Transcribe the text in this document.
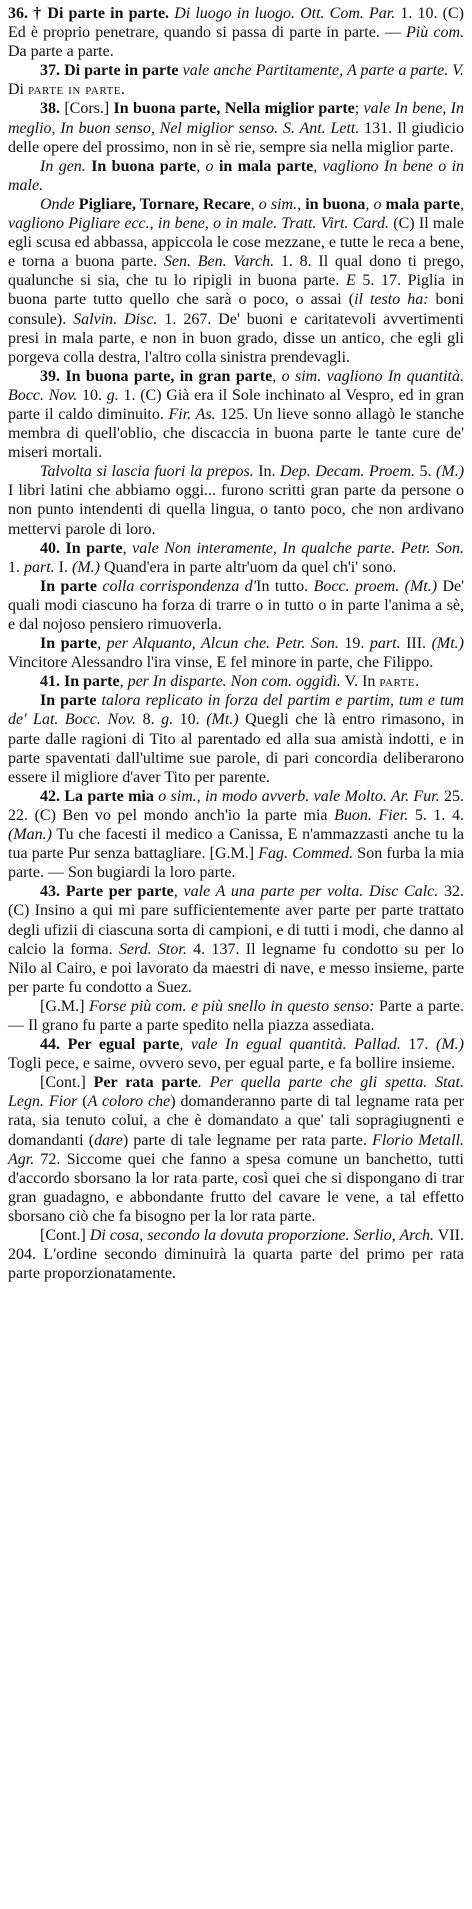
36. † Di parte in parte. Di luogo in luogo. Ott. Com. Par. 1. 10. (C) Ed è proprio penetrare, quando si passa di parte in parte. — Più com. Da parte a parte.

37. Di parte in parte vale anche Partitamente, A parte a parte. V. Di parte in parte.

38. [Cors.] In buona parte, Nella miglior parte; vale In bene, In meglio, In buon senso, Nel miglior senso. S. Ant. Lett. 131. Il giudicio delle opere del prossimo, non in sè rie, sempre sia nella miglior parte.

In gen. In buona parte, o in mala parte, vagliono In bene o in male.

Onde Pigliare, Tornare, Recare, o sim., in buona, o mala parte, vagliono Pigliare ecc., in bene, o in male. Tratt. Virt. Card. (C) Il male egli scusa ed abbassa, appiccola le cose mezzane, e tutte le reca a bene, e torna a buona parte. Sen. Ben. Varch. 1. 8. Il qual dono ti prego, qualunche si sia, che tu lo ripigli in buona parte. E 5. 17. Piglia in buona parte tutto quello che sarà o poco, o assai (il testo ha: boni consule). Salvin. Disc. 1. 267. De' buoni e caritatevoli avvertimenti presi in mala parte, e non in buon grado, disse un antico, che egli gli porgeva colla destra, l'altro colla sinistra prendevagli.

39. In buona parte, in gran parte, o sim. vagliono In quantità. Bocc. Nov. 10. g. 1. (C) Già era il Sole inchinato al Vespro, ed in gran parte il caldo diminuito. Fir. As. 125. Un lieve sonno allagò le stanche membra di quell'oblio, che discaccia in buona parte le tante cure de' miseri mortali.

Talvolta si lascia fuori la prepos. In. Dep. Decam. Proem. 5. (M.) I libri latini che abbiamo oggi... furono scritti gran parte da persone o non punto intendenti di quella lingua, o tanto poco, che non ardivano mettervi parole di loro.

40. In parte, vale Non interamente, In qualche parte. Petr. Son. 1. part. I. (M.) Quand'era in parte altr'uom da quel ch'i' sono.

In parte colla corrispondenza d'In tutto. Bocc. proem. (Mt.) De' quali modi ciascuno ha forza di trarre o in tutto o in parte l'anima a sè, e dal nojoso pensiero rimuoverla.

In parte, per Alquanto, Alcun che. Petr. Son. 19. part. III. (Mt.) Vincitore Alessandro l'ira vinse, E fel minore in parte, che Filippo.

41. In parte, per In disparte. Non com. oggidì. V. In parte.

In parte talora replicato in forza del partim e partim, tum e tum de' Lat. Bocc. Nov. 8. g. 10. (Mt.) Quegli che là entro rimasono, in parte dalle ragioni di Tito al parentado ed alla sua amistà indotti, e in parte spaventati dall'ultime sue parole, di pari concordia deliberarono essere il migliore d'aver Tito per parente.

42. La parte mia o sim., in modo avverb. vale Molto. Ar. Fur. 25. 22. (C) Ben vo pel mondo anch'io la parte mia Buon. Fier. 5. 1. 4. (Man.) Tu che facesti il medico a Canissa, E n'ammazzasti anche tu la tua parte Pur senza battagliare. [G.M.] Fag. Commed. Son furba la mia parte. — Son bugiardi la loro parte.

43. Parte per parte, vale A una parte per volta. Disc Calc. 32. (C) Insino a qui mi pare sufficientemente aver parte per parte trattato degli ufizii di ciascuna sorta di campioni, e di tutti i modi, che danno al calcio la forma. Serd. Stor. 4. 137. Il legname fu condotto su per lo Nilo al Cairo, e poi lavorato da maestri di nave, e messo insieme, parte per parte fu condotto a Suez.

[G.M.] Forse più com. e più snello in questo senso: Parte a parte. — Il grano fu parte a parte spedito nella piazza assediata.

44. Per egual parte, vale In egual quantità. Pallad. 17. (M.) Togli pece, e saime, ovvero sevo, per egual parte, e fa bollire insieme.

[Cont.] Per rata parte. Per quella parte che gli spetta. Stat. Legn. Fior (A coloro che) domanderanno parte di tal legname rata per rata, sia tenuto colui, a che è domandato a que' tali sopragiugnenti e domandanti (dare) parte di tale legname per rata parte. Florio Metall. Agr. 72. Siccome quei che fanno a spesa comune un banchetto, tutti d'accordo sborsano la lor rata parte, così quei che si dispongano di trar gran guadagno, e abbondante frutto del cavare le vene, a tal effetto sborsano ciò che fa bisogno per la lor rata parte.

[Cont.] Di cosa, secondo la dovuta proporzione. Serlio, Arch. VII. 204. L'ordine secondo diminuirà la quarta parte del primo per rata parte proporzionatamente.
